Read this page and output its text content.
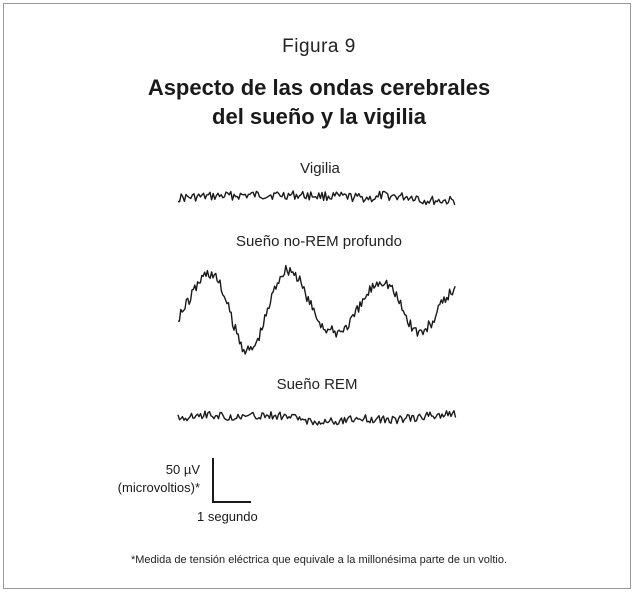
Figura 9
Aspecto de las ondas cerebrales
del sueño y la vigilia
Vigilia
Sueño no-REM profundo
Sueño REM
50 µV
(microvoltios)*
1 segundo
*Medida de tensión eléctrica que equivale a la millonésima parte de un voltio.
